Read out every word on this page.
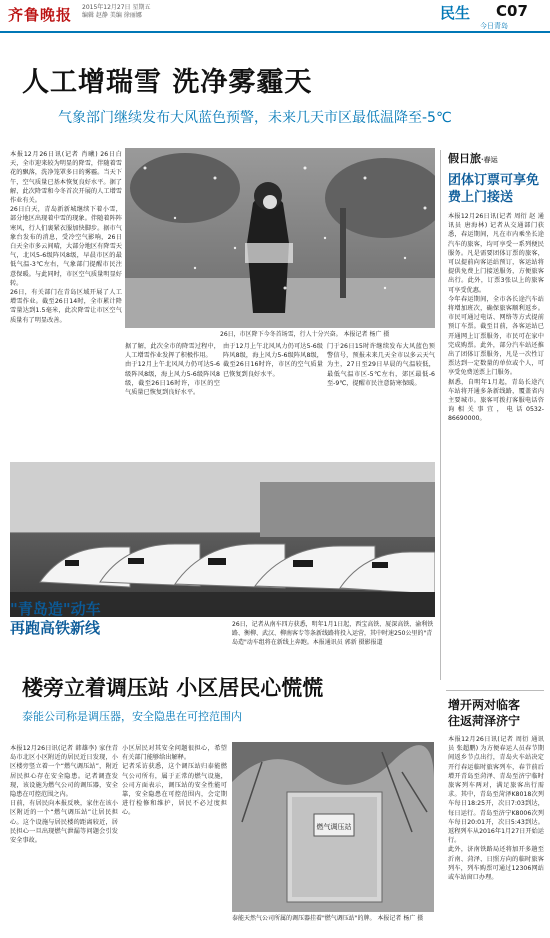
齐鲁晚报 2015年12月27日 星期五
编辑 赵静 美编 徐丽娜	民生 C07
今日青岛
人工增瑞雪 洗净雾霾天
气象部门继续发布大风蓝色预警，未来几天市区最低温降至-5℃
本报12月26日讯(记者 肖曦) 26日白天，全市迎来较为明显的降雪，伴随着雪花的飘落，洗净笼罩多日的雾霾。当天下午，空气质量已基本恢复良好水平。据了解，此次降雪和今冬首次开展的人工增雪作业有关。
26日白天，青岛新新城继续下着小雪，部分地区出现着中雪的现象。伴随着阵阵寒风，行人们裹紧衣服加快脚步。据市气象台发布的消息，受冷空气影响，26日白天全市多云间晴，大部分地区有降雪天气，北风5-6级阵风8级，早晨市区的最低气温-3℃左右，气象部门提醒市民注意保暖。与此同时，市区空气质量明显好转。
26日，有关部门在青岛区域开展了人工增雪作业。截至26日14时，全市累计降雪量达到1.5毫米，此次降雪让市区空气质量有了明显改善。
26日，市区降下今冬首场雪，行人十分兴奋。 本报记者 杨广 摄
据了解，此次全市的降雪过程中，人工增雪作业发挥了积极作用。
由于12月上午北风风力仍可达5-6级阵风8级，海上风力5-6级阵风8级，截至26日16时许，市区的空气质量已恢复到良好水平。
由于12月上午北风风力仍可达5-6级阵风8级，海上风力5-6级阵风8级，截至26日16时许，市区的空气质量已恢复到良好水平。
门于26日15时许继续发布大风蓝色预警信号，预报未来几天全市以多云天气为主，27日至29日早晨的气温较低，最低气温市区-5℃左右，郊区最低-6至-9℃，提醒市民注意防寒保暖。
假日旅·春运
团体订票可享免费上门接送
本报12月26日讯(记者 周衍 赵 通讯员 唐海林) 记者从交通部门获悉，春运期间，凡在市内乘坐长途汽车的旅客，均可享受一系列便民服务。凡是需要团体订票的旅客，可以提前向客运站预订，客运站将提供免费上门接送服务，方便旅客出行。此外，订票3张以上的旅客可享受优惠。
今年春运期间，全市各长途汽车站将增加班次，确保旅客顺利返乡。市民可通过电话、网络等方式提前预订车票。截至目前，各客运站已开通网上订票服务，市民可在家中完成购票。此外，部分汽车站还推出了团体订票服务，凡是一次性订票达到一定数量的单位或个人，可享受免费送票上门服务。
据悉，自明年1月起，青岛长途汽车站将开通多条新线路，覆盖省内主要城市。旅客可拨打客服电话咨询相关事宜，电话0532-86690000。
"青岛造"动车
再跑高铁新线	26日，记者从南车四方获悉，明年1月1日起，西宝高铁、厦深高铁、渝利铁路、衡柳、武汉、柳南客专等条新线路将投入运营，其中时速250公里的"青岛造"动车组将在新线上奔跑。本报通讯员 郭新 摄影报道
增开两对临客
往返菏泽济宁
本报12月26日讯(记者 周衍 通讯员 张超鹏) 为方便春运人员春节期间返乡节点出行，青岛火车站决定开行春运临时旅客列车，春节前后增开青岛至菏泽、青岛至济宁临时旅客列车两对，满足旅客出行需求。其中，青岛至菏泽K8018次列车每日18:25开，次日7:03到达，每日运行。青岛至济宁K8006次列车每日20:01开，次日5:43到达。返程列车从2016年1月27日开始运行。
此外，济南铁路局还将加开多趟至沂南、菏泽、日照方向的临时旅客列车，列车购票可通过12306网站或车站窗口办理。
楼旁立着调压站 小区居民心慌慌
泰能公司称是调压器，安全隐患在可控范围内
本报12月26日讯(记者 韩雄李) 家住青岛市北区小区附近的居民近日发现，小区楼旁竖立着一个“燃气调压站”，附近居民担心存在安全隐患。记者调查发现，该设施为燃气公司的调压器，安全隐患在可控范围之内。
日前，有居民向本报反映，家住在该小区附近的一个“燃气调压站”让居民担心。这个设施与居民楼的距离较近，居民担心一旦出现燃气泄漏等问题会引发安全事故。
小区居民对其安全问题很担心，希望有关部门能够给出解释。
记者采访获悉，这个调压站归泰能燃气公司所有，属于正常的燃气设施，公司方面表示，调压站的安全性能可靠，安全隐患在可控范围内，会定期进行检修和维护，居民不必过度担心。
燃气调压站
泰能天然气公司所属的调压器挂着"燃气调压站"的牌。 本报记者 杨广 摄
